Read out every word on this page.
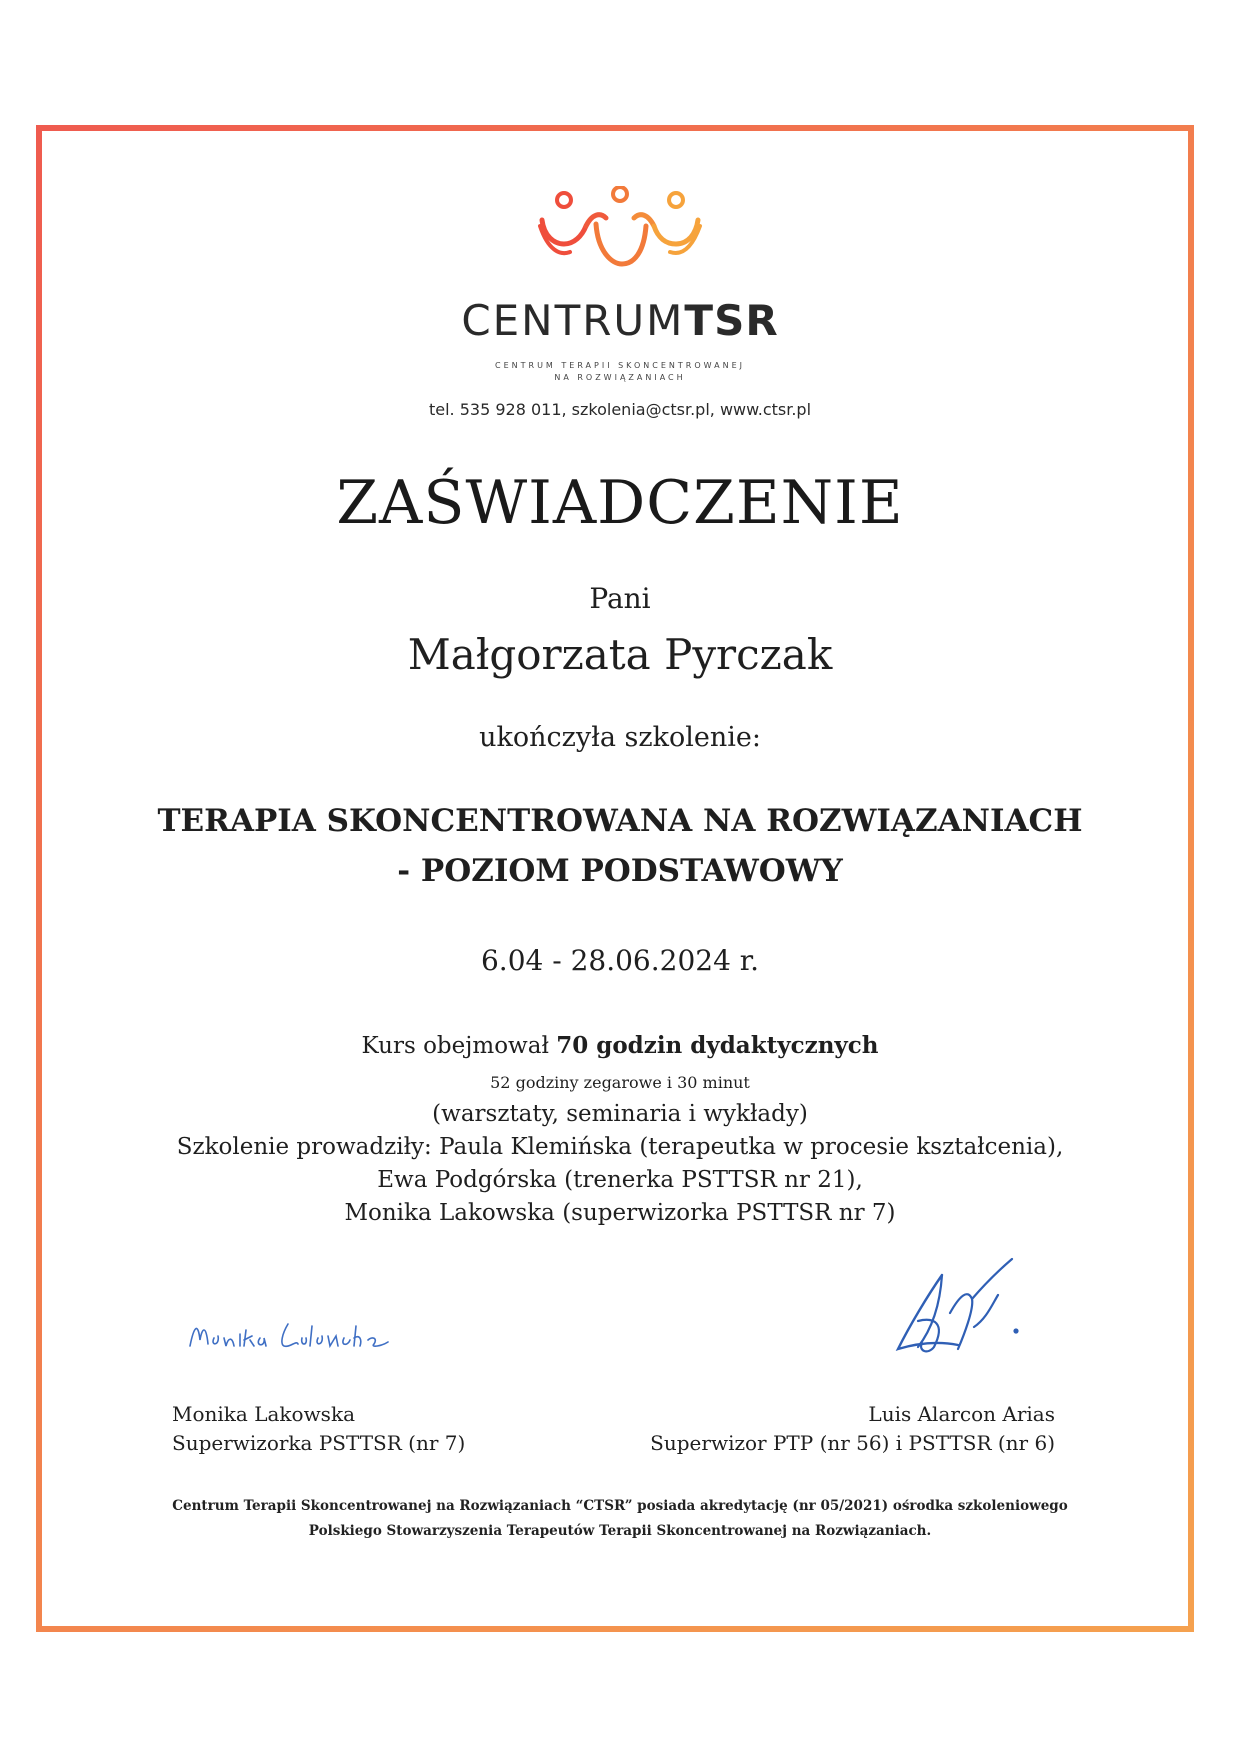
CENTRUMTSR
CENTRUM TERAPII SKONCENTROWANEJ
NA ROZWIĄZANIACH
tel. 535 928 011, szkolenia@ctsr.pl, www.ctsr.pl
ZAŚWIADCZENIE
Pani
Małgorzata Pyrczak
ukończyła szkolenie:
TERAPIA SKONCENTROWANA NA ROZWIĄZANIACH
- POZIOM PODSTAWOWY
6.04 - 28.06.2024 r.
Kurs obejmował 70 godzin dydaktycznych
52 godziny zegarowe i 30 minut
(warsztaty, seminaria i wykłady)
Szkolenie prowadziły: Paula Klemińska (terapeutka w procesie kształcenia),
Ewa Podgórska (trenerka PSTTSR nr 21),
Monika Lakowska (superwizorka PSTTSR nr 7)
Monika Lakowska
Superwizorka PSTTSR (nr 7)
Luis Alarcon Arias
Superwizor PTP (nr 56) i PSTTSR (nr 6)
Centrum Terapii Skoncentrowanej na Rozwiązaniach “CTSR” posiada akredytację (nr 05/2021) ośrodka szkoleniowego
Polskiego Stowarzyszenia Terapeutów Terapii Skoncentrowanej na Rozwiązaniach.
